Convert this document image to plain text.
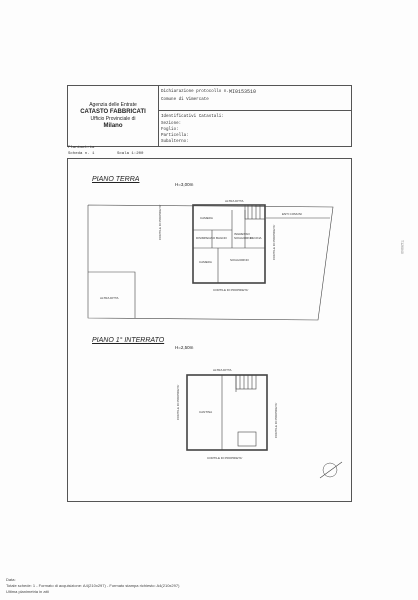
Agenzia delle Entrate
CATASTO FABBRICATI
Ufficio Provinciale di
Milano
Dichiarazione protocollo n. MI0153510
Comune di Vimercate
Identificativi Catastali:
Sezione:
Foglio:
Particella:
Subalterno:
Planimetria
Scheda n. 1	Scala 1:200
PIANO TERRA
H=3,00m
CAMERA
DISIMPEGNO BAGNO
INGRESSO SOGGIORNO
CUCINA
CAMERA	SOGGIORNO
ALTRA DITTA
ENTI COMUNI
CORTILE DI PROPRIETA'
CORTILE DI PROPRIETA'
CORTILE DI PROPRIETA'
ALTRA DITTA
PIANO 1° INTERRATO
H=2,50m
CANTINA
ALTRA DITTA
CORTILE DI PROPRIETA'
CORTILE DI PROPRIETA'
CORTILE DI PROPRIETA'
Data:
Totale schede: 1 - Formato di acquisizione: A4(210x297) - Formato stampa richiesto: A4(210x297)
Ultima planimetria in atti
T126840
